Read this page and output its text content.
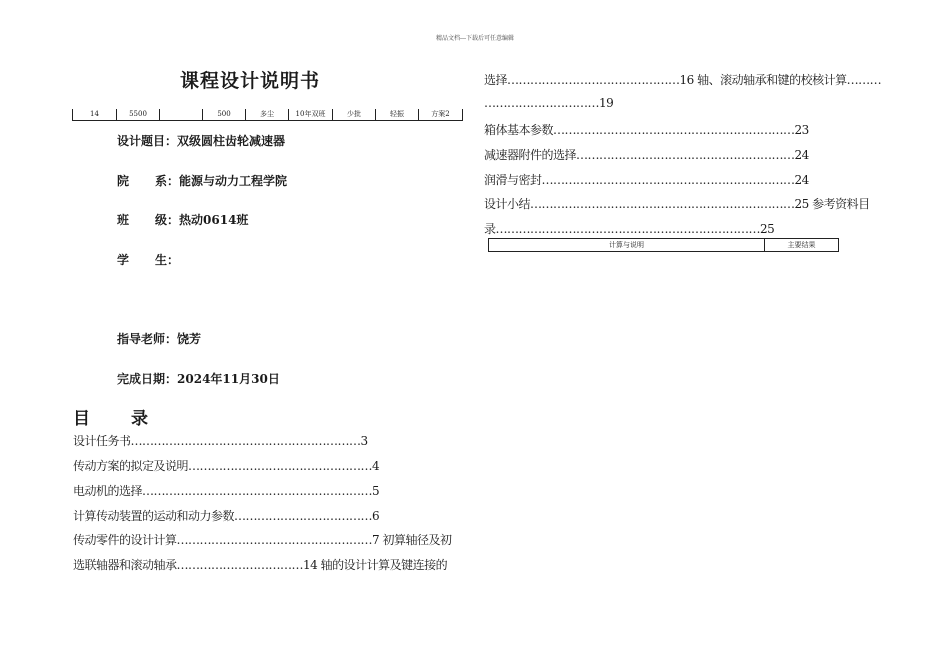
精品文档---下载后可任意编辑
课程设计说明书
14	5500		500	多尘	10年双班	少批	轻振	方案2
设计题目：双级圆柱齿轮减速器
院 系：能源与动力工程学院
班 级：热动0614班
学 生：
指导老师：饶芳
完成日期：2024年11月30日
目 录
设计任务书……………………………………………………3
传动方案的拟定及说明…………………………………………4
电动机的选择……………………………………………………5
计算传动装置的运动和动力参数………………………………6
传动零件的设计计算……………………………………………7 初算轴径及初
选联轴器和滚动轴承……………………………14 轴的设计计算及键连接的
选择………………………………………16 轴、滚动轴承和键的校核计算………
…………………………19
箱体基本参数………………………………………………………23
减速器附件的选择…………………………………………………24
润滑与密封…………………………………………………………24
设计小结……………………………………………………………25 参考资料目
录……………………………………………………………25
计算与说明	主要结果
